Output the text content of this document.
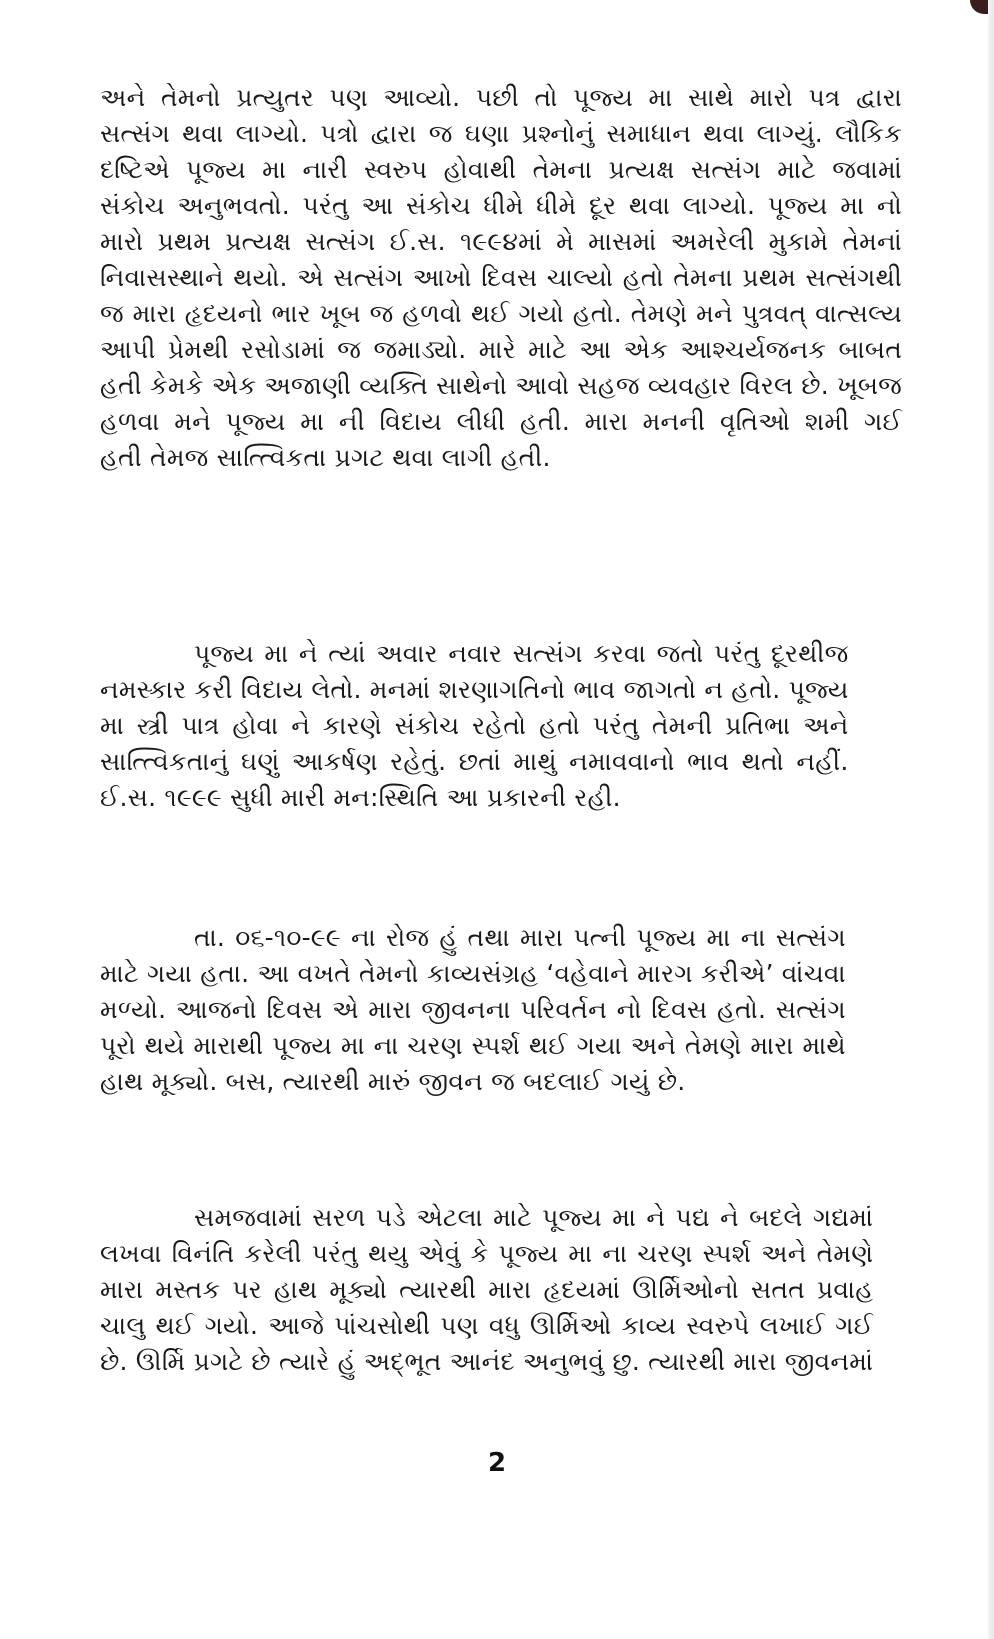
અને તેમનો પ્રત્યુતર પણ આવ્યો. પછી તો પૂજ્ય મા સાથે મારો પત્ર દ્વારા
સત્સંગ થવા લાગ્યો. પત્રો દ્વારા જ ઘણા પ્રશ્નોનું સમાધાન થવા લાગ્યું. લૌકિક
દષ્ટિએ પૂજ્ય મા નારી સ્વરુપ હોવાથી તેમના પ્રત્યક્ષ સત્સંગ માટે જવામાં
સંકોચ અનુભવતો. પરંતુ આ સંકોચ ધીમે ધીમે દૂર થવા લાગ્યો. પૂજ્ય મા નો
મારો પ્રથમ પ્રત્યક્ષ સત્સંગ ઈ.સ. ૧૯૯૪માં મે માસમાં અમરેલી મુકામે તેમનાં
નિવાસસ્થાને થયો. એ સત્સંગ આખો દિવસ ચાલ્યો હતો તેમના પ્રથમ સત્સંગથી
જ મારા હૃદયનો ભાર ખૂબ જ હળવો થઈ ગયો હતો. તેમણે મને પુત્રવત્ વાત્સલ્ય
આપી પ્રેમથી રસોડામાં જ જમાડ્યો. મારે માટે આ એક આશ્ચર્યજનક બાબત
હતી કેમકે એક અજાણી વ્યક્તિ સાથેનો આવો સહજ વ્યવહાર વિરલ છે. ખૂબજ
હળવા મને પૂજ્ય મા ની વિદાય લીધી હતી. મારા મનની વૃતિઓ શમી ગઈ
હતી તેમજ સાત્ત્વિકતા પ્રગટ થવા લાગી હતી.
પૂજ્ય મા ને ત્યાં અવાર નવાર સત્સંગ કરવા જતો પરંતુ દૂરથીજ
નમસ્કાર કરી વિદાય લેતો. મનમાં શરણાગતિનો ભાવ જાગતો ન હતો. પૂજ્ય
મા સ્ત્રી પાત્ર હોવા ને કારણે સંકોચ રહેતો હતો પરંતુ તેમની પ્રતિભા અને
સાત્ત્વિકતાનું ઘણું આકર્ષણ રહેતું. છતાં માથું નમાવવાનો ભાવ થતો નહીં.
ઈ.સ. ૧૯૯૯ સુધી મારી મન:સ્થિતિ આ પ્રકારની રહી.
તા. ૦૬-૧૦-૯૯ ના રોજ હું તથા મારા પત્ની પૂજ્ય મા ના સત્સંગ
માટે ગયા હતા. આ વખતે તેમનો કાવ્યસંગ્રહ ‘વહેવાને મારગ કરીએ’ વાંચવા
મળ્યો. આજનો દિવસ એ મારા જીવનના પરિવર્તન નો દિવસ હતો. સત્સંગ
પૂરો થયે મારાથી પૂજ્ય મા ના ચરણ સ્પર્શ થઈ ગયા અને તેમણે મારા માથે
હાથ મૂક્યો. બસ, ત્યારથી મારું જીવન જ બદલાઈ ગયું છે.
સમજવામાં સરળ પડે એટલા માટે પૂજ્ય મા ને પદ્ય ને બદલે ગદ્યમાં
લખવા વિનંતિ કરેલી પરંતુ થયુ એવું કે પૂજ્ય મા ના ચરણ સ્પર્શ અને તેમણે
મારા મસ્તક પર હાથ મૂક્યો ત્યારથી મારા હૃદયમાં ઊર્મિઓનો સતત પ્રવાહ
ચાલુ થઈ ગયો. આજે પાંચસોથી પણ વધુ ઊર્મિઓ કાવ્ય સ્વરુપે લખાઈ ગઈ
છે. ઊર્મિ પ્રગટે છે ત્યારે હું અદ્ભૂત આનંદ અનુભવું છુ. ત્યારથી મારા જીવનમાં
2
